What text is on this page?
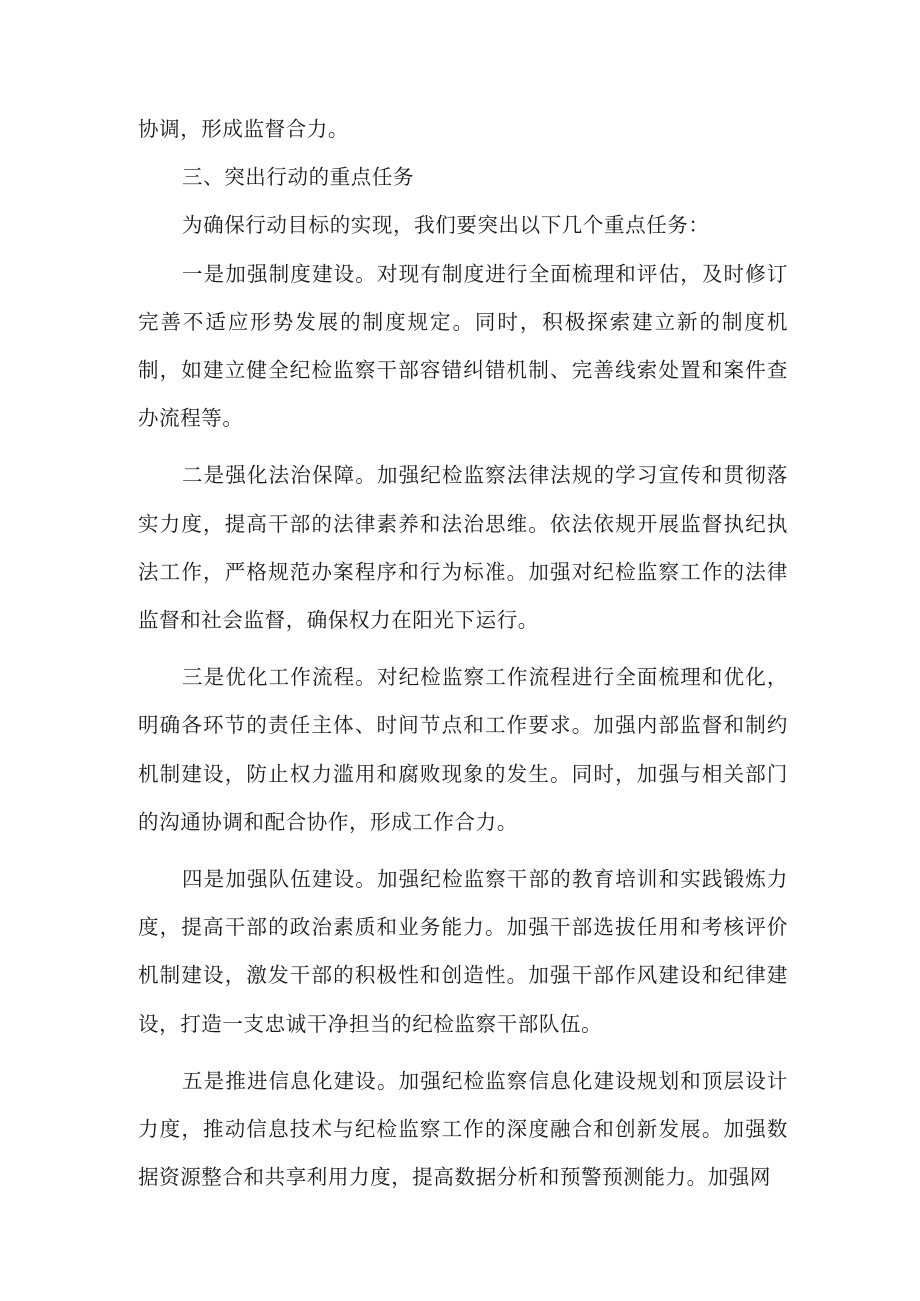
协调，形成监督合力。

三、突出行动的重点任务

为确保行动目标的实现，我们要突出以下几个重点任务：

一是加强制度建设。对现有制度进行全面梳理和评估，及时修订完善不适应形势发展的制度规定。同时，积极探索建立新的制度机制，如建立健全纪检监察干部容错纠错机制、完善线索处置和案件查办流程等。

二是强化法治保障。加强纪检监察法律法规的学习宣传和贯彻落实力度，提高干部的法律素养和法治思维。依法依规开展监督执纪执法工作，严格规范办案程序和行为标准。加强对纪检监察工作的法律监督和社会监督，确保权力在阳光下运行。

三是优化工作流程。对纪检监察工作流程进行全面梳理和优化，明确各环节的责任主体、时间节点和工作要求。加强内部监督和制约机制建设，防止权力滥用和腐败现象的发生。同时，加强与相关部门的沟通协调和配合协作，形成工作合力。

四是加强队伍建设。加强纪检监察干部的教育培训和实践锻炼力度，提高干部的政治素质和业务能力。加强干部选拔任用和考核评价机制建设，激发干部的积极性和创造性。加强干部作风建设和纪律建设，打造一支忠诚干净担当的纪检监察干部队伍。

五是推进信息化建设。加强纪检监察信息化建设规划和顶层设计力度，推动信息技术与纪检监察工作的深度融合和创新发展。加强数据资源整合和共享利用力度，提高数据分析和预警预测能力。加强网
